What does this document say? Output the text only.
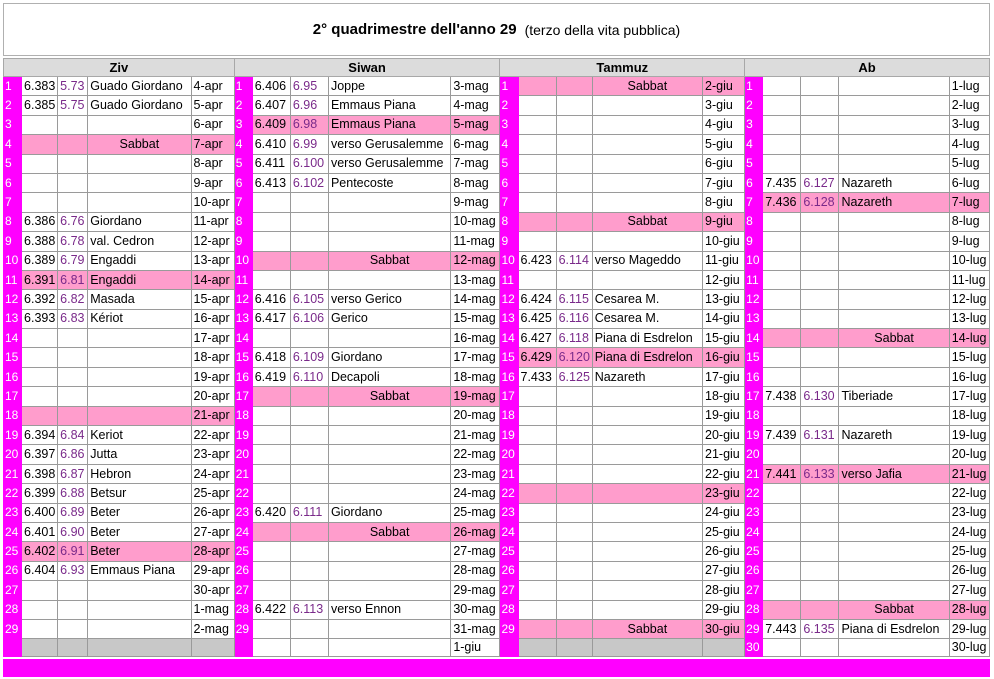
2° quadrimestre dell'anno 29 (terzo della vita pubblica)
Ziv					Siwan					Tammuz					Ab				
1	6.383	5.73	Guado Giordano	4-apr	1	6.406	6.95	Joppe	3-mag	1			Sabbat	2-giu	1				1-lug
2	6.385	5.75	Guado Giordano	5-apr	2	6.407	6.96	Emmaus Piana	4-mag	2				3-giu	2				2-lug
3				6-apr	3	6.409	6.98	Emmaus Piana	5-mag	3				4-giu	3				3-lug
4			Sabbat	7-apr	4	6.410	6.99	verso Gerusalemme	6-mag	4				5-giu	4				4-lug
5				8-apr	5	6.411	6.100	verso Gerusalemme	7-mag	5				6-giu	5				5-lug
6				9-apr	6	6.413	6.102	Pentecoste	8-mag	6				7-giu	6	7.435	6.127	Nazareth	6-lug
7				10-apr	7				9-mag	7				8-giu	7	7.436	6.128	Nazareth	7-lug
8	6.386	6.76	Giordano	11-apr	8				10-mag	8			Sabbat	9-giu	8				8-lug
9	6.388	6.78	val. Cedron	12-apr	9				11-mag	9				10-giu	9				9-lug
10	6.389	6.79	Engaddi	13-apr	10			Sabbat	12-mag	10	6.423	6.114	verso Mageddo	11-giu	10				10-lug
11	6.391	6.81	Engaddi	14-apr	11				13-mag	11				12-giu	11				11-lug
12	6.392	6.82	Masada	15-apr	12	6.416	6.105	verso Gerico	14-mag	12	6.424	6.115	Cesarea M.	13-giu	12				12-lug
13	6.393	6.83	Kériot	16-apr	13	6.417	6.106	Gerico	15-mag	13	6.425	6.116	Cesarea M.	14-giu	13				13-lug
14				17-apr	14				16-mag	14	6.427	6.118	Piana di Esdrelon	15-giu	14			Sabbat	14-lug
15				18-apr	15	6.418	6.109	Giordano	17-mag	15	6.429	6.120	Piana di Esdrelon	16-giu	15				15-lug
16				19-apr	16	6.419	6.110	Decapoli	18-mag	16	7.433	6.125	Nazareth	17-giu	16				16-lug
17				20-apr	17			Sabbat	19-mag	17				18-giu	17	7.438	6.130	Tiberiade	17-lug
18				21-apr	18				20-mag	18				19-giu	18				18-lug
19	6.394	6.84	Keriot	22-apr	19				21-mag	19				20-giu	19	7.439	6.131	Nazareth	19-lug
20	6.397	6.86	Jutta	23-apr	20				22-mag	20				21-giu	20				20-lug
21	6.398	6.87	Hebron	24-apr	21				23-mag	21				22-giu	21	7.441	6.133	verso Jafia	21-lug
22	6.399	6.88	Betsur	25-apr	22				24-mag	22				23-giu	22				22-lug
23	6.400	6.89	Beter	26-apr	23	6.420	6.111	Giordano	25-mag	23				24-giu	23				23-lug
24	6.401	6.90	Beter	27-apr	24			Sabbat	26-mag	24				25-giu	24				24-lug
25	6.402	6.91	Beter	28-apr	25				27-mag	25				26-giu	25				25-lug
26	6.404	6.93	Emmaus Piana	29-apr	26				28-mag	26				27-giu	26				26-lug
27				30-apr	27				29-mag	27				28-giu	27				27-lug
28				1-mag	28	6.422	6.113	verso Ennon	30-mag	28				29-giu	28			Sabbat	28-lug
29				2-mag	29				31-mag	29			Sabbat	30-giu	29	7.443	6.135	Piana di Esdrelon	29-lug
									1-giu						30				30-lug
